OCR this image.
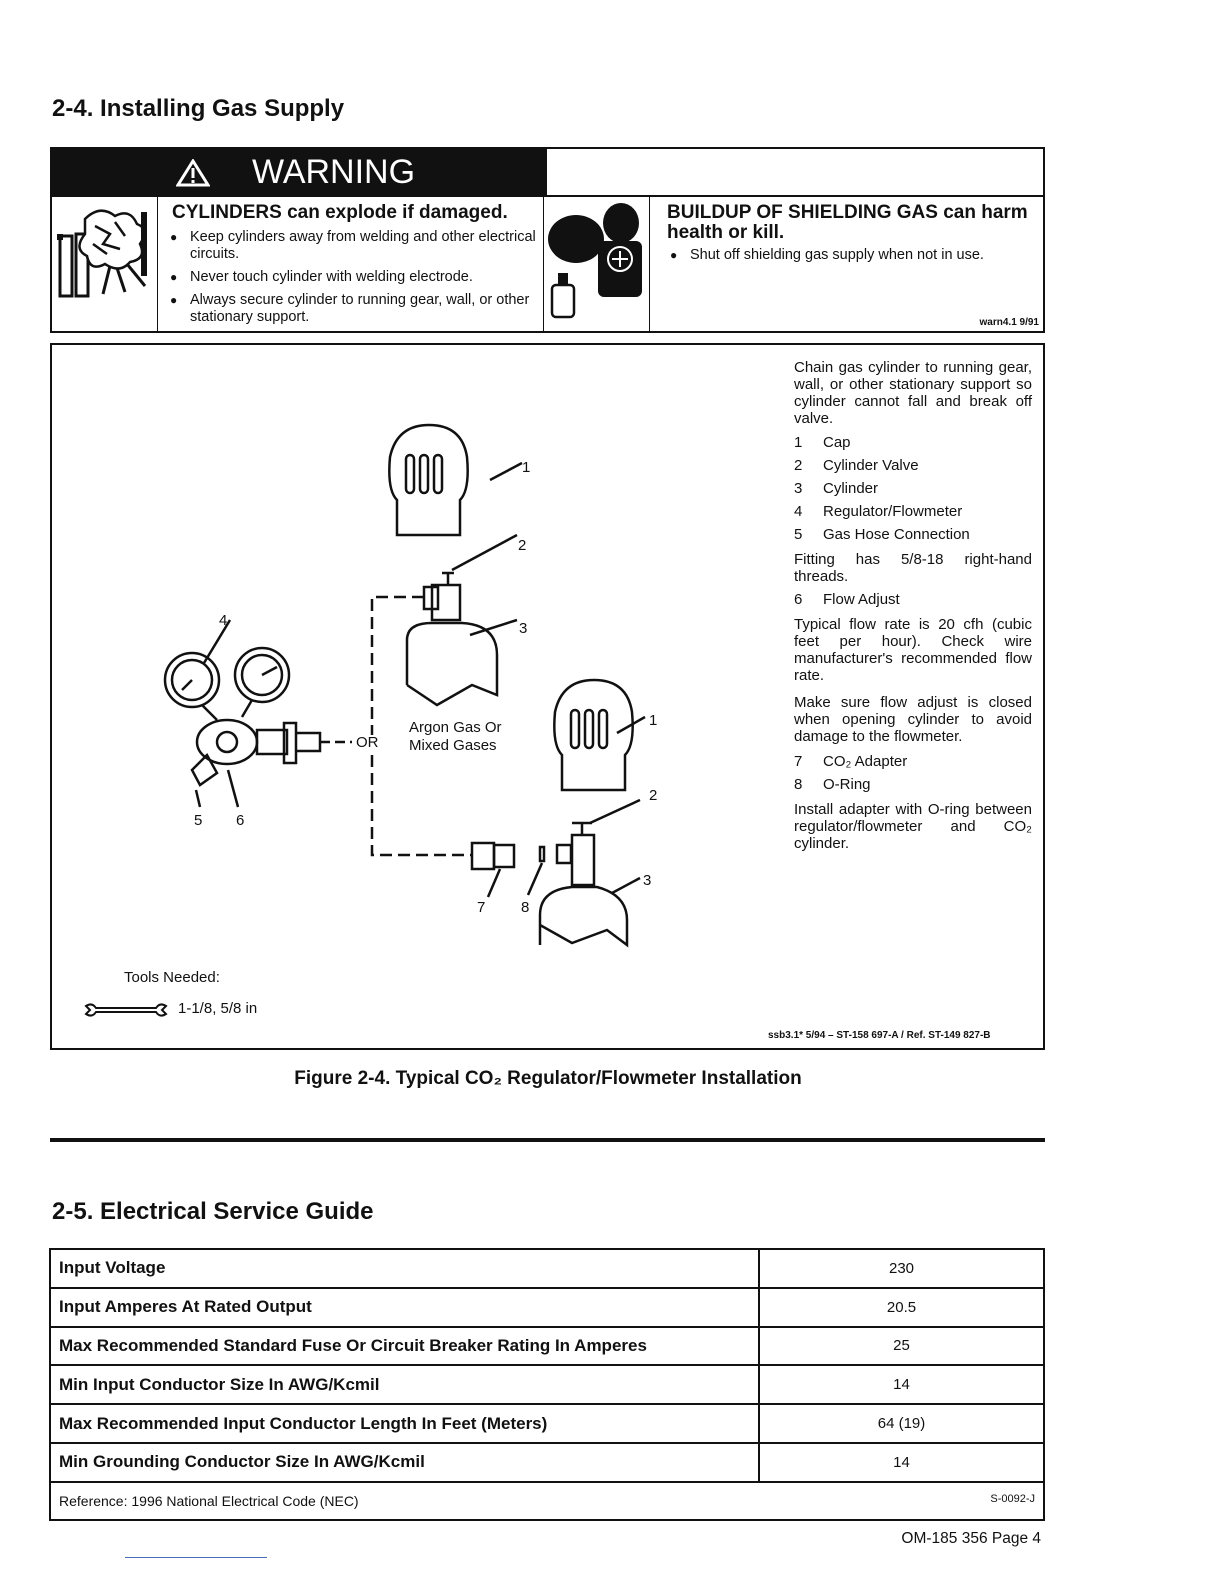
2-4. Installing Gas Supply
WARNING
CYLINDERS can explode if damaged.
● Keep cylinders away from welding and other electrical circuits.
● Never touch cylinder with welding electrode.
● Always secure cylinder to running gear, wall, or other stationary support.
BUILDUP OF SHIELDING GAS can harm health or kill.
● Shut off shielding gas supply when not in use.
warn4.1 9/91
1
2
3
4
5 6
1
2
3
7 8
OR
Argon Gas Or
Mixed Gases
Chain gas cylinder to running gear, wall, or other stationary support so cylinder cannot fall and break off valve.
1 Cap
2 Cylinder Valve
3 Cylinder
4 Regulator/Flowmeter
5 Gas Hose Connection
Fitting has 5/8-18 right-hand threads.
6 Flow Adjust
Typical flow rate is 20 cfh (cubic feet per hour). Check wire manufacturer's recommended flow rate.
Make sure flow adjust is closed when opening cylinder to avoid damage to the flowmeter.
7 CO₂ Adapter
8 O-Ring
Install adapter with O-ring between regulator/flowmeter and CO₂ cylinder.
Tools Needed:
1-1/8, 5/8 in
ssb3.1* 5/94 – ST-158 697-A / Ref. ST-149 827-B
Figure 2-4. Typical CO₂ Regulator/Flowmeter Installation
2-5. Electrical Service Guide
Input Voltage	230
Input Amperes At Rated Output	20.5
Max Recommended Standard Fuse Or Circuit Breaker Rating In Amperes	25
Min Input Conductor Size In AWG/Kcmil	14
Max Recommended Input Conductor Length In Feet (Meters)	64 (19)
Min Grounding Conductor Size In AWG/Kcmil	14
Reference: 1996 National Electrical Code (NEC) S-0092-J	
OM-185 356 Page 4
